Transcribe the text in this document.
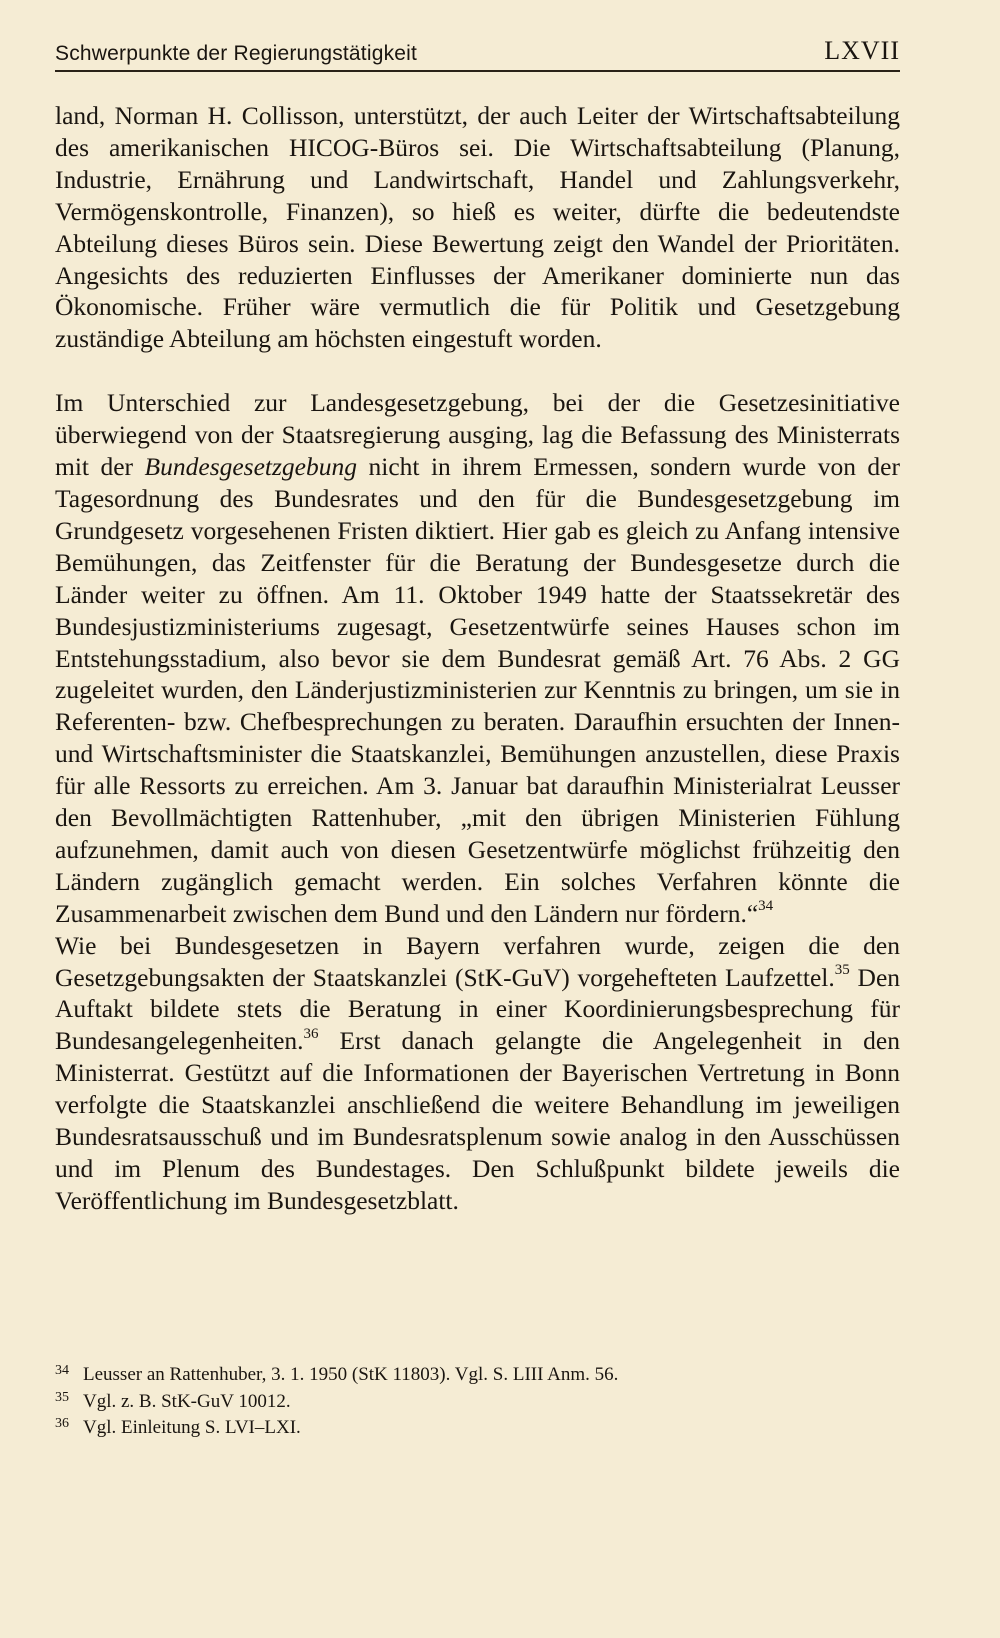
Schwerpunkte der Regierungstätigkeit	LXVII

land, Norman H. Collisson, unterstützt, der auch Leiter der Wirtschaftsabteilung des amerikanischen HICOG-Büros sei. Die Wirtschaftsabteilung (Planung, Industrie, Ernährung und Landwirtschaft, Handel und Zahlungsverkehr, Vermögenskontrolle, Finanzen), so hieß es weiter, dürfte die bedeutendste Abteilung dieses Büros sein. Diese Bewertung zeigt den Wandel der Prioritäten. Angesichts des reduzierten Einflusses der Amerikaner dominierte nun das Ökonomische. Früher wäre vermutlich die für Politik und Gesetzgebung zuständige Abteilung am höchsten eingestuft worden.

Im Unterschied zur Landesgesetzgebung, bei der die Gesetzesinitiative überwiegend von der Staatsregierung ausging, lag die Befassung des Ministerrats mit der Bundesgesetzgebung nicht in ihrem Ermessen, sondern wurde von der Tagesordnung des Bundesrates und den für die Bundesgesetzgebung im Grundgesetz vorgesehenen Fristen diktiert. Hier gab es gleich zu Anfang intensive Bemühungen, das Zeitfenster für die Beratung der Bundesgesetze durch die Länder weiter zu öffnen. Am 11. Oktober 1949 hatte der Staatssekretär des Bundesjustizministeriums zugesagt, Gesetzentwürfe seines Hauses schon im Entstehungsstadium, also bevor sie dem Bundesrat gemäß Art. 76 Abs. 2 GG zugeleitet wurden, den Länderjustizministerien zur Kenntnis zu bringen, um sie in Referenten- bzw. Chefbesprechungen zu beraten. Daraufhin ersuchten der Innen- und Wirtschaftsminister die Staatskanzlei, Bemühungen anzustellen, diese Praxis für alle Ressorts zu erreichen. Am 3. Januar bat daraufhin Ministerialrat Leusser den Bevollmächtigten Rattenhuber, „mit den übrigen Ministerien Fühlung aufzunehmen, damit auch von diesen Gesetzentwürfe möglichst frühzeitig den Ländern zugänglich gemacht werden. Ein solches Verfahren könnte die Zusammenarbeit zwischen dem Bund und den Ländern nur fördern.“$^{34}$

Wie bei Bundesgesetzen in Bayern verfahren wurde, zeigen die den Gesetzgebungsakten der Staatskanzlei (StK-GuV) vorgehefteten Laufzettel.$^{35}$ Den Auftakt bildete stets die Beratung in einer Koordinierungsbesprechung für Bundesangelegenheiten.$^{36}$ Erst danach gelangte die Angelegenheit in den Ministerrat. Gestützt auf die Informationen der Bayerischen Vertretung in Bonn verfolgte die Staatskanzlei anschließend die weitere Behandlung im jeweiligen Bundesratsausschuß und im Bundesratsplenum sowie analog in den Ausschüssen und im Plenum des Bundestages. Den Schlußpunkt bildete jeweils die Veröffentlichung im Bundesgesetzblatt.

34 Leusser an Rattenhuber, 3. 1. 1950 (StK 11803). Vgl. S. LIII Anm. 56.
35 Vgl. z. B. StK-GuV 10012.
36 Vgl. Einleitung S. LVI–LXI.
